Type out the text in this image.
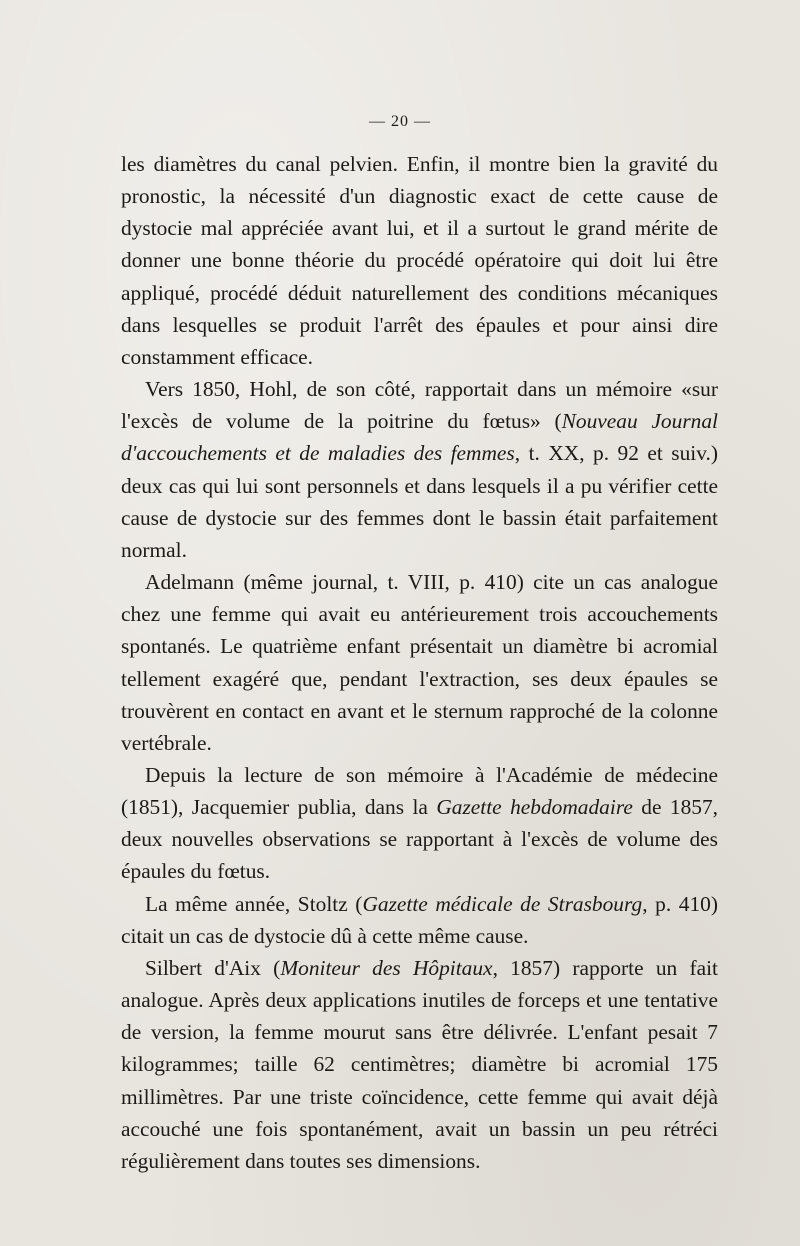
— 20 —

les diamètres du canal pelvien. Enfin, il montre bien la gravité du pronostic, la nécessité d'un diagnostic exact de cette cause de dystocie mal appréciée avant lui, et il a surtout le grand mérite de donner une bonne théorie du procédé opératoire qui doit lui être appliqué, procédé déduit naturellement des conditions mécaniques dans lesquelles se produit l'arrêt des épaules et pour ainsi dire constamment efficace.

Vers 1850, Hohl, de son côté, rapportait dans un mémoire «sur l'excès de volume de la poitrine du fœtus» (Nouveau Journal d'accouchements et de maladies des femmes, t. XX, p. 92 et suiv.) deux cas qui lui sont personnels et dans lesquels il a pu vérifier cette cause de dystocie sur des femmes dont le bassin était parfaitement normal.

Adelmann (même journal, t. VIII, p. 410) cite un cas analogue chez une femme qui avait eu antérieurement trois accouchements spontanés. Le quatrième enfant présentait un diamètre bi acromial tellement exagéré que, pendant l'extraction, ses deux épaules se trouvèrent en contact en avant et le sternum rapproché de la colonne vertébrale.

Depuis la lecture de son mémoire à l'Académie de médecine (1851), Jacquemier publia, dans la Gazette hebdomadaire de 1857, deux nouvelles observations se rapportant à l'excès de volume des épaules du fœtus.

La même année, Stoltz (Gazette médicale de Strasbourg, p. 410) citait un cas de dystocie dû à cette même cause.

Silbert d'Aix (Moniteur des Hôpitaux, 1857) rapporte un fait analogue. Après deux applications inutiles de forceps et une tentative de version, la femme mourut sans être délivrée. L'enfant pesait 7 kilogrammes; taille 62 centimètres; diamètre bi acromial 175 millimètres. Par une triste coïncidence, cette femme qui avait déjà accouché une fois spontanément, avait un bassin un peu rétréci régulièrement dans toutes ses dimensions.
